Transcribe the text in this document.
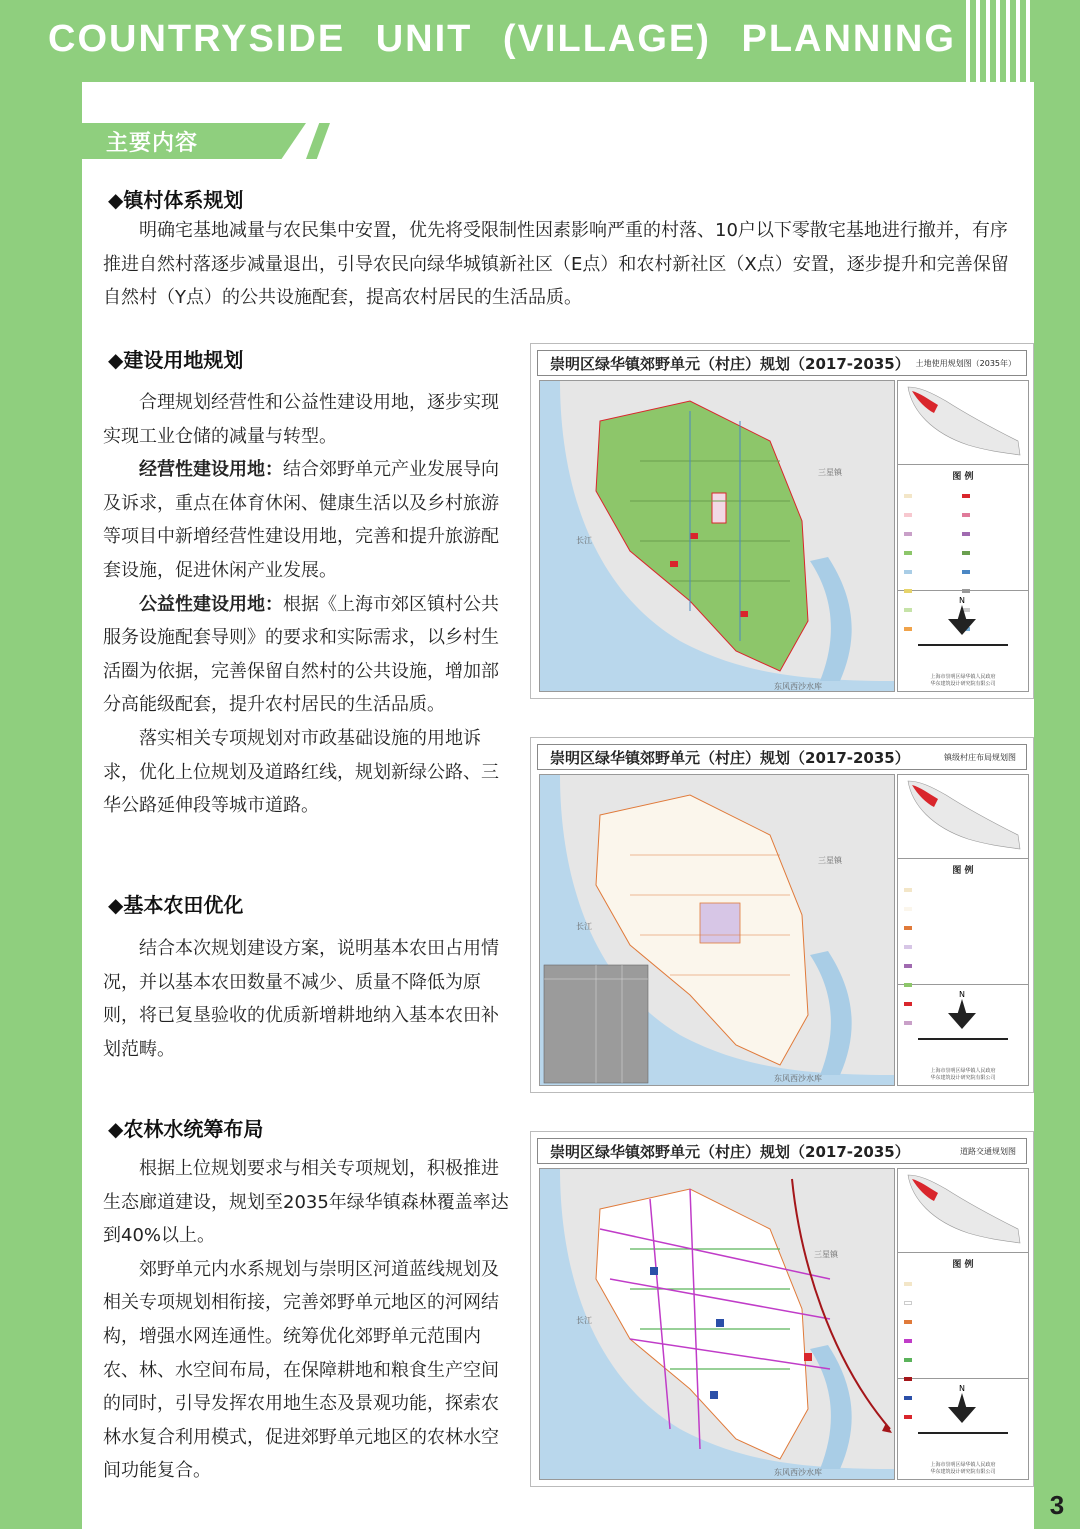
COUNTRYSIDE UNIT (VILLAGE) PLANNING
主要内容
◆镇村体系规划
明确宅基地减量与农民集中安置，优先将受限制性因素影响严重的村落、10户以下零散宅基地进行撤并，有序推进自然村落逐步减量退出，引导农民向绿华城镇新社区（E点）和农村新社区（X点）安置，逐步提升和完善保留自然村（Y点）的公共设施配套，提高农村居民的生活品质。
◆建设用地规划
合理规划经营性和公益性建设用地，逐步实现实现工业仓储的减量与转型。
经营性建设用地：结合郊野单元产业发展导向及诉求，重点在体育休闲、健康生活以及乡村旅游等项目中新增经营性建设用地，完善和提升旅游配套设施，促进休闲产业发展。
公益性建设用地：根据《上海市郊区镇村公共服务设施配套导则》的要求和实际需求，以乡村生活圈为依据，完善保留自然村的公共设施，增加部分高能级配套，提升农村居民的生活品质。
落实相关专项规划对市政基础设施的用地诉求，优化上位规划及道路红线，规划新绿公路、三华公路延伸段等城市道路。
◆基本农田优化
结合本次规划建设方案，说明基本农田占用情况，并以基本农田数量不减少、质量不降低为原则，将已复垦验收的优质新增耕地纳入基本农田补划范畴。
◆农林水统筹布局
根据上位规划要求与相关专项规划，积极推进生态廊道建设，规划至2035年绿华镇森林覆盖率达到40%以上。
郊野单元内水系规划与崇明区河道蓝线规划及相关专项规划相衔接，完善郊野单元地区的河网结构，增强水网连通性。统筹优化郊野单元范围内农、林、水空间布局，在保障耕地和粮食生产空间的同时，引导发挥农用地生态及景观功能，探索农林水复合利用模式，促进郊野单元地区的农林水空间功能复合。
崇明区绿华镇郊野单元（村庄）规划（2017-2035） 土地使用规划图（2035年）
长江
三星镇
东风西沙水库
图 例

N
上海市崇明区绿华镇人民政府
华东建筑设计研究院有限公司
崇明区绿华镇郊野单元（村庄）规划（2017-2035）	镇级村庄布局规划图
长江
三星镇
东风西沙水库
图 例

N
上海市崇明区绿华镇人民政府
华东建筑设计研究院有限公司
崇明区绿华镇郊野单元（村庄）规划（2017-2035）	道路交通规划图
长江
三星镇
东风西沙水库
图 例

N
上海市崇明区绿华镇人民政府
华东建筑设计研究院有限公司
3
